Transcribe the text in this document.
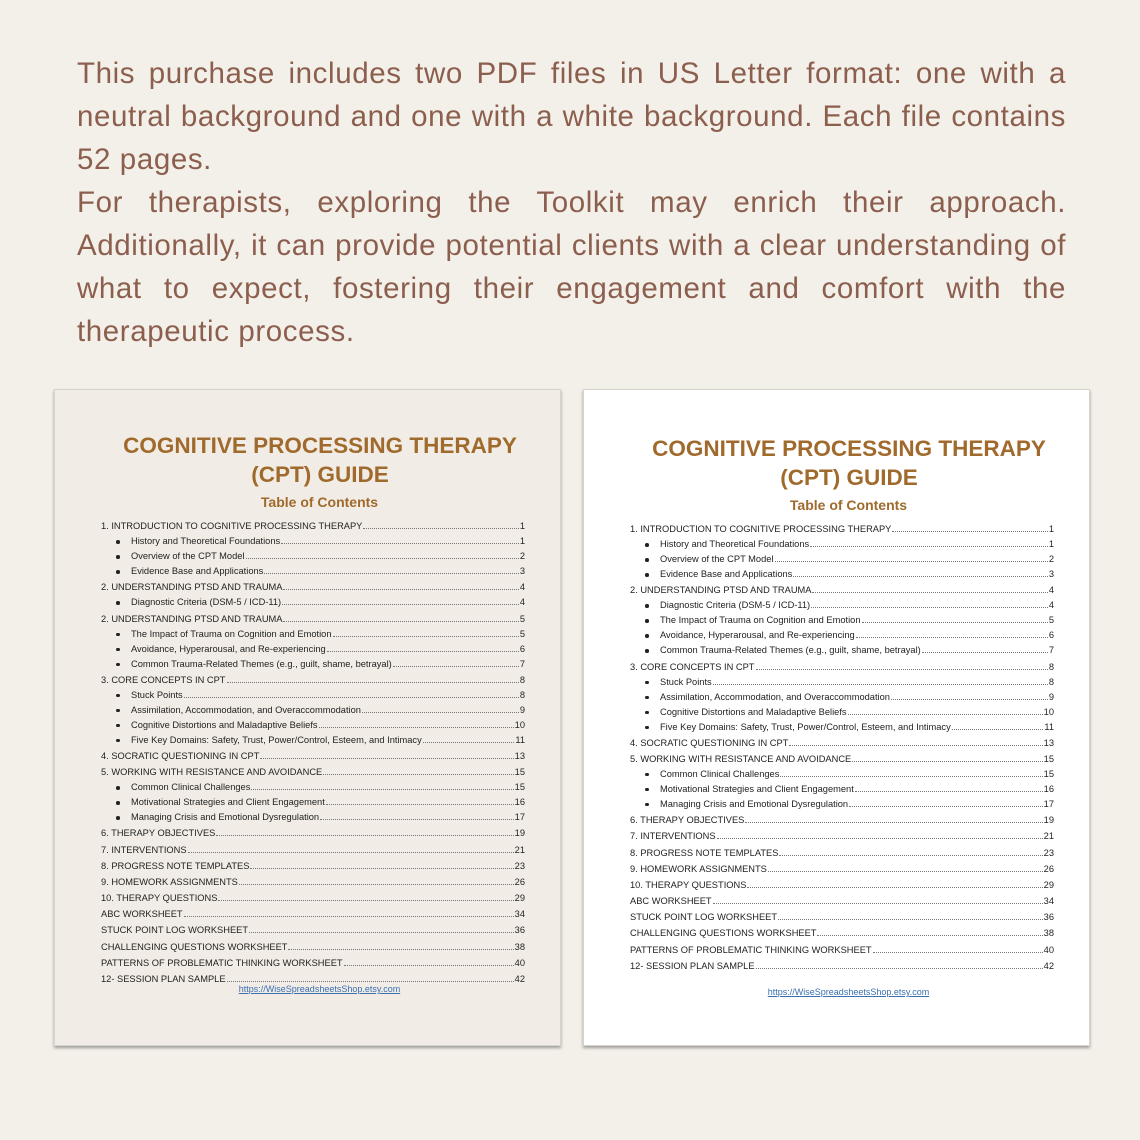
This purchase includes two PDF files in US Letter format: one with a neutral background and one with a white background. Each file contains 52 pages.

For therapists, exploring the Toolkit may enrich their approach. Additionally, it can provide potential clients with a clear understanding of what to expect, fostering their engagement and comfort with the therapeutic process.

COGNITIVE PROCESSING THERAPY (CPT) GUIDE
Table of Contents
1. INTRODUCTION TO COGNITIVE PROCESSING THERAPY	1
History and Theoretical Foundations	1
Overview of the CPT Model	2
Evidence Base and Applications	3
2. UNDERSTANDING PTSD AND TRAUMA	4
Diagnostic Criteria (DSM-5 / ICD-11)	4
2. UNDERSTANDING PTSD AND TRAUMA	5
The Impact of Trauma on Cognition and Emotion	5
Avoidance, Hyperarousal, and Re-experiencing	6
Common Trauma-Related Themes (e.g., guilt, shame, betrayal)	7
3. CORE CONCEPTS IN CPT	8
Stuck Points	8
Assimilation, Accommodation, and Overaccommodation	9
Cognitive Distortions and Maladaptive Beliefs	10
Five Key Domains: Safety, Trust, Power/Control, Esteem, and Intimacy	11
4. SOCRATIC QUESTIONING IN CPT	13
5. WORKING WITH RESISTANCE AND AVOIDANCE	15
Common Clinical Challenges	15
Motivational Strategies and Client Engagement	16
Managing Crisis and Emotional Dysregulation	17
6. THERAPY OBJECTIVES	19
7. INTERVENTIONS	21
8. PROGRESS NOTE TEMPLATES	23
9. HOMEWORK ASSIGNMENTS	26
10. THERAPY QUESTIONS	29
ABC WORKSHEET	34
STUCK POINT LOG WORKSHEET	36
CHALLENGING QUESTIONS WORKSHEET	38
PATTERNS OF PROBLEMATIC THINKING WORKSHEET	40
12- SESSION PLAN SAMPLE	42
https://WiseSpreadsheetsShop.etsy.com
COGNITIVE PROCESSING THERAPY (CPT) GUIDE
Table of Contents
1. INTRODUCTION TO COGNITIVE PROCESSING THERAPY	1
History and Theoretical Foundations	1
Overview of the CPT Model	2
Evidence Base and Applications	3
2. UNDERSTANDING PTSD AND TRAUMA	4
Diagnostic Criteria (DSM-5 / ICD-11)	4
The Impact of Trauma on Cognition and Emotion	5
Avoidance, Hyperarousal, and Re-experiencing	6
Common Trauma-Related Themes (e.g., guilt, shame, betrayal)	7
3. CORE CONCEPTS IN CPT	8
Stuck Points	8
Assimilation, Accommodation, and Overaccommodation	9
Cognitive Distortions and Maladaptive Beliefs	10
Five Key Domains: Safety, Trust, Power/Control, Esteem, and Intimacy	11
4. SOCRATIC QUESTIONING IN CPT	13
5. WORKING WITH RESISTANCE AND AVOIDANCE	15
Common Clinical Challenges	15
Motivational Strategies and Client Engagement	16
Managing Crisis and Emotional Dysregulation	17
6. THERAPY OBJECTIVES	19
7. INTERVENTIONS	21
8. PROGRESS NOTE TEMPLATES	23
9. HOMEWORK ASSIGNMENTS	26
10. THERAPY QUESTIONS	29
ABC WORKSHEET	34
STUCK POINT LOG WORKSHEET	36
CHALLENGING QUESTIONS WORKSHEET	38
PATTERNS OF PROBLEMATIC THINKING WORKSHEET	40
12- SESSION PLAN SAMPLE	42
https://WiseSpreadsheetsShop.etsy.com
